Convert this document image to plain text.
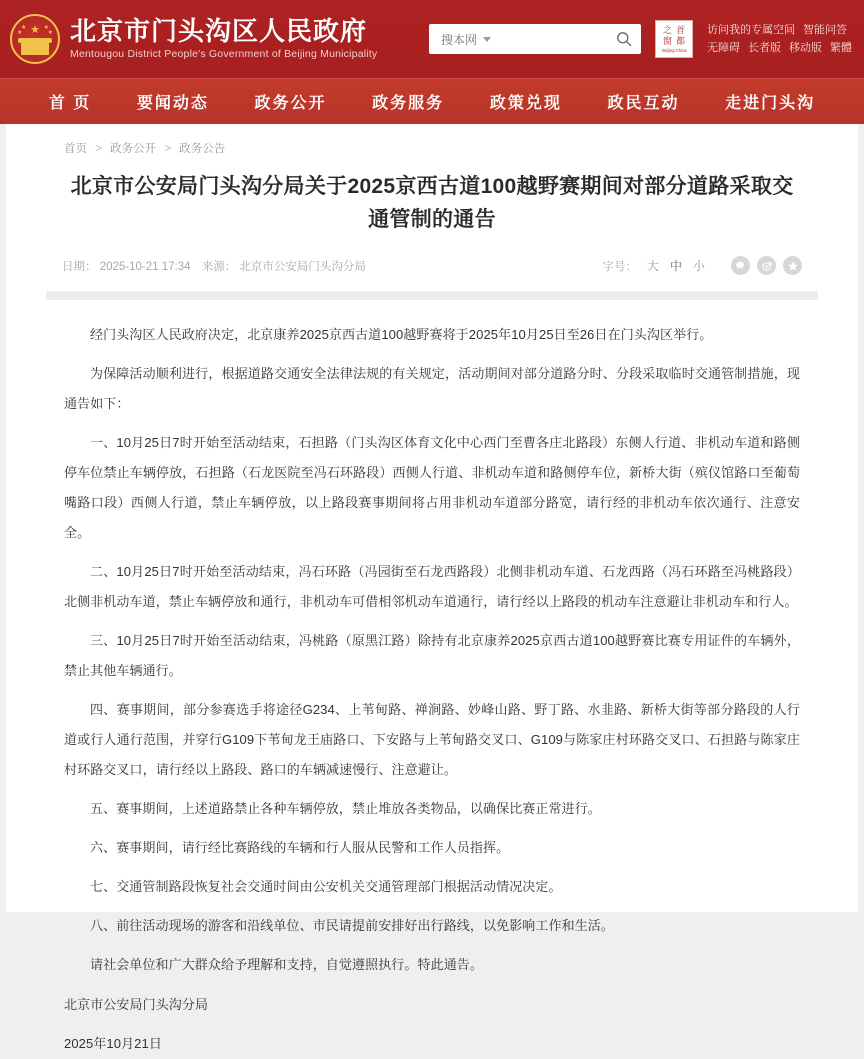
★
★
★
★
★ 北京市门头沟区人民政府
Mentougou District People's Government of Beijing Municipality
搜本网
之 首
窗 都
Beijing·China
访问我的专属空间 智能问答
无障碍 长者版 移动版 繁體
首 页	要闻动态	政务公开	政务服务	政策兑现	政民互动	走进门头沟
首页 > 政务公开 > 政务公告
北京市公安局门头沟分局关于2025京西古道100越野赛期间对部分道路采取交通管制的通告
日期： 2025-10-21 17:34 来源： 北京市公安局门头沟分局	字号： 大 中 小

经门头沟区人民政府决定，北京康养2025京西古道100越野赛将于2025年10月25日至26日在门头沟区举行。

为保障活动顺利进行，根据道路交通安全法律法规的有关规定，活动期间对部分道路分时、分段采取临时交通管制措施，现通告如下：

一、10月25日7时开始至活动结束，石担路（门头沟区体育文化中心西门至曹各庄北路段）东侧人行道、非机动车道和路侧停车位禁止车辆停放，石担路（石龙医院至冯石环路段）西侧人行道、非机动车道和路侧停车位，新桥大街（殡仪馆路口至葡萄嘴路口段）西侧人行道，禁止车辆停放，以上路段赛事期间将占用非机动车道部分路宽，请行经的非机动车依次通行、注意安全。

二、10月25日7时开始至活动结束，冯石环路（冯园街至石龙西路段）北侧非机动车道、石龙西路（冯石环路至冯桃路段）北侧非机动车道，禁止车辆停放和通行，非机动车可借相邻机动车道通行，请行经以上路段的机动车注意避让非机动车和行人。

三、10月25日7时开始至活动结束，冯桃路（原黑江路）除持有北京康养2025京西古道100越野赛比赛专用证件的车辆外，禁止其他车辆通行。

四、赛事期间，部分参赛选手将途径G234、上苇甸路、禅涧路、妙峰山路、野丁路、水韭路、新桥大街等部分路段的人行道或行人通行范围，并穿行G109下苇甸龙王庙路口、下安路与上苇甸路交叉口、G109与陈家庄村环路交叉口、石担路与陈家庄村环路交叉口，请行经以上路段、路口的车辆减速慢行、注意避让。

五、赛事期间，上述道路禁止各种车辆停放，禁止堆放各类物品，以确保比赛正常进行。

六、赛事期间，请行经比赛路线的车辆和行人服从民警和工作人员指挥。

七、交通管制路段恢复社会交通时间由公安机关交通管理部门根据活动情况决定。

八、前往活动现场的游客和沿线单位、市民请提前安排好出行路线，以免影响工作和生活。

请社会单位和广大群众给予理解和支持，自觉遵照执行。特此通告。

北京市公安局门头沟分局

2025年10月21日
